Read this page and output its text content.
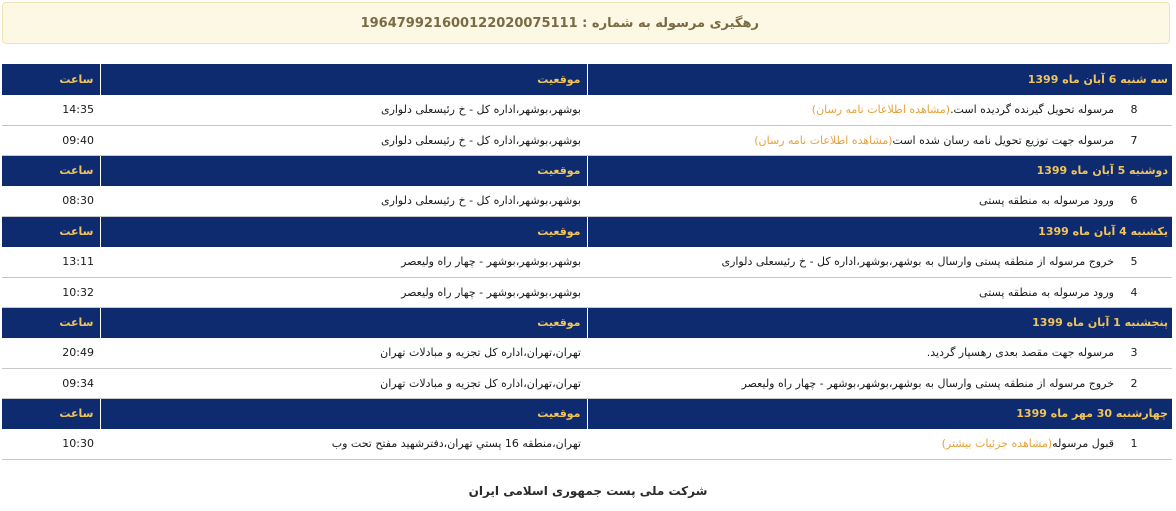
رهگیری مرسوله به شماره : 196479921600122020075111
سه شنبه 6 آبان ماه 1399	موقعیت	ساعت
8مرسوله تحویل گیرنده گردیده است.(مشاهده اطلاعات نامه رسان)	بوشهر،بوشهر،اداره کل - خ رئیسعلی دلواری	14:35
7مرسوله جهت توزیع تحویل نامه رسان شده است(مشاهده اطلاعات نامه رسان)	بوشهر،بوشهر،اداره کل - خ رئیسعلی دلواری	09:40
دوشنبه 5 آبان ماه 1399	موقعیت	ساعت
6ورود مرسوله به منطقه پستی	بوشهر،بوشهر،اداره کل - خ رئیسعلی دلواری	08:30
یکشنبه 4 آبان ماه 1399	موقعیت	ساعت
5خروج مرسوله از منطقه پستی وارسال به بوشهر،بوشهر،اداره کل - خ رئیسعلی دلواری	بوشهر،بوشهر،بوشهر - چهار راه ولیعصر	13:11
4ورود مرسوله به منطقه پستی	بوشهر،بوشهر،بوشهر - چهار راه ولیعصر	10:32
پنجشنبه 1 آبان ماه 1399	موقعیت	ساعت
3مرسوله جهت مقصد بعدی رهسپار گردید.	تهران،تهران،اداره کل تجزیه و مبادلات تهران	20:49
2خروج مرسوله از منطقه پستی وارسال به بوشهر،بوشهر،بوشهر - چهار راه ولیعصر	تهران،تهران،اداره کل تجزیه و مبادلات تهران	09:34
چهارشنبه 30 مهر ماه 1399	موقعیت	ساعت
1قبول مرسوله(مشاهده جزئیات بیشتر)	تهران،منطقه 16 پستي تهران،دفترشهيد مفتح تحت وب	10:30
شرکت ملی پست جمهوری اسلامی ایران
